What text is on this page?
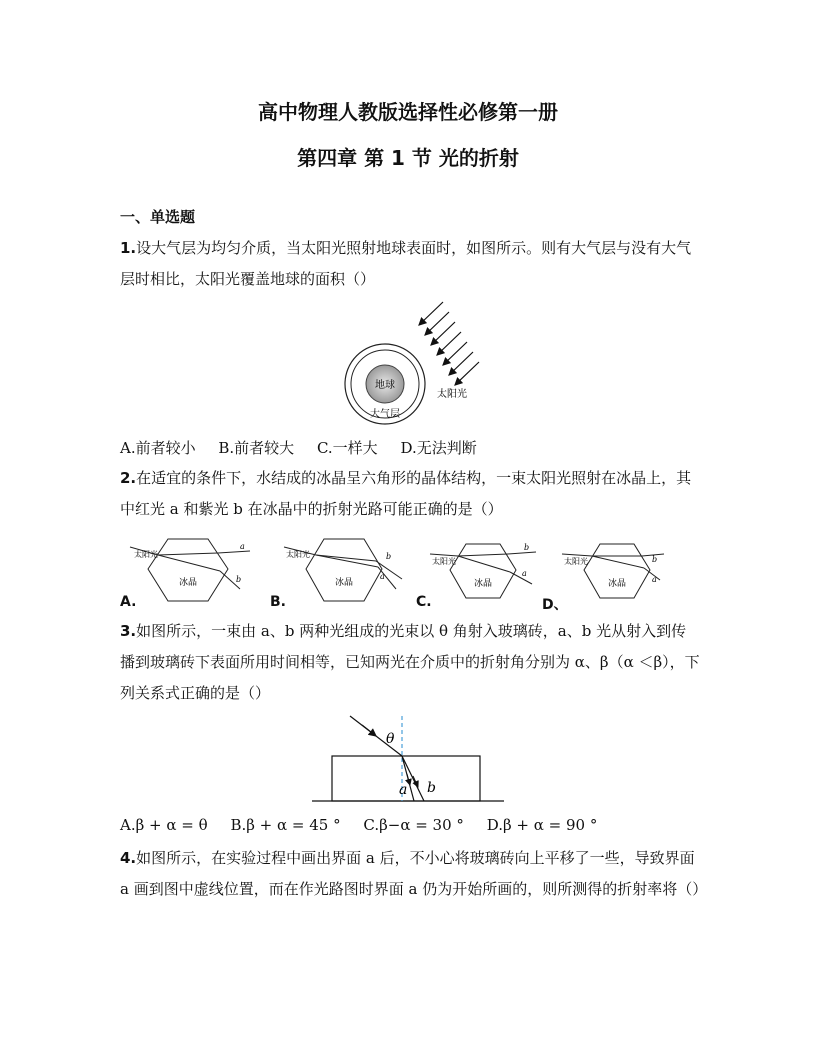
高中物理人教版选择性必修第一册
第四章 第 1 节 光的折射
一、单选题
1.设大气层为均匀介质，当太阳光照射地球表面时，如图所示。则有大气层与没有大气层时相比，太阳光覆盖地球的面积（）
地球
大气层
太阳光
A.前者较小 B.前者较大 C.一样大 D.无法判断
2.在适宜的条件下，水结成的冰晶呈六角形的晶体结构，一束太阳光照射在冰晶上，其中红光 a 和紫光 b 在冰晶中的折射光路可能正确的是（）
太阳光
冰晶
a
b
A.
太阳光
冰晶
b
a
B.
太阳光
冰晶
b
a
C.
太阳光
冰晶
b
a
D、
3.如图所示，一束由 a、b 两种光组成的光束以 θ 角射入玻璃砖，a、b 光从射入到传播到玻璃砖下表面所用时间相等，已知两光在介质中的折射角分别为 α、β（α ＜β），下列关系式正确的是（）
θ
a b
A.β + α = θ B.β + α = 45 ° C.β−α = 30 ° D.β + α = 90 °
4.如图所示，在实验过程中画出界面 a 后，不小心将玻璃砖向上平移了一些，导致界面 a 画到图中虚线位置，而在作光路图时界面 a 仍为开始所画的，则所测得的折射率将（）
